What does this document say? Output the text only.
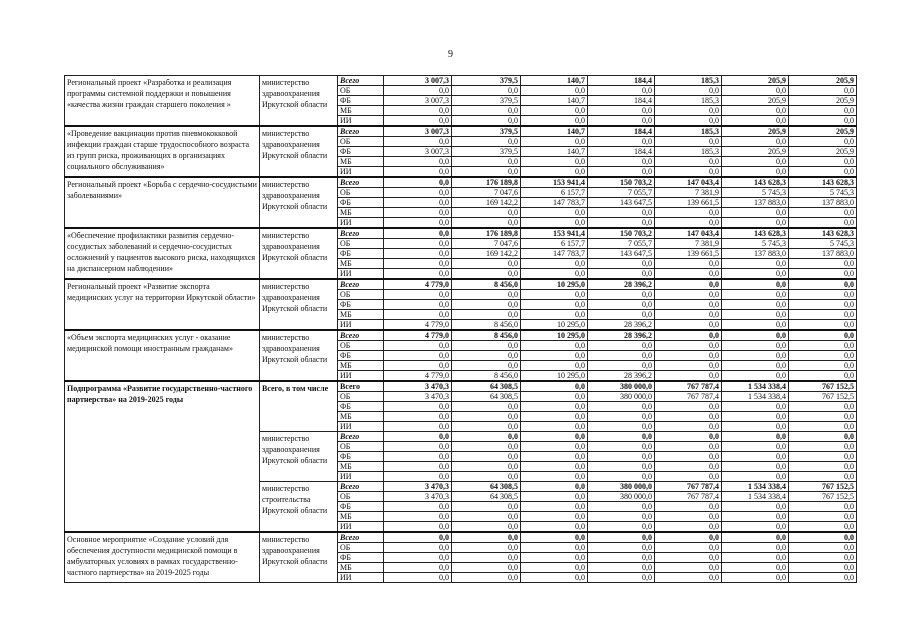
9
Региональный проект «Разработка и реализация программы системной поддержки и повышения «качества жизни граждан старшего поколения »	министерство здравоохранения Иркутской области	Всего	3 007,3	379,5	140,7	184,4	185,3	205,9	205,9
		ОБ	0,0	0,0	0,0	0,0	0,0	0,0	0,0
		ФБ	3 007,3	379,5	140,7	184,4	185,3	205,9	205,9
		МБ	0,0	0,0	0,0	0,0	0,0	0,0	0,0
		ИИ	0,0	0,0	0,0	0,0	0,0	0,0	0,0
«Проведение вакцинации против пневмококковой инфекции граждан старше трудоспособного возраста из групп риска, проживающих в организациях социального обслуживания»	министерство здравоохранения Иркутской области	Всего	3 007,3	379,5	140,7	184,4	185,3	205,9	205,9
		ОБ	0,0	0,0	0,0	0,0	0,0	0,0	0,0
		ФБ	3 007,3	379,5	140,7	184,4	185,3	205,9	205,9
		МБ	0,0	0,0	0,0	0,0	0,0	0,0	0,0
		ИИ	0,0	0,0	0,0	0,0	0,0	0,0	0,0
Региональный проект «Борьба с сердечно-сосудистыми заболеваниями»	министерство здравоохранения Иркутской области	Всего	0,0	176 189,8	153 941,4	150 703,2	147 043,4	143 628,3	143 628,3
		ОБ	0,0	7 047,6	6 157,7	7 055,7	7 381,9	5 745,3	5 745,3
		ФБ	0,0	169 142,2	147 783,7	143 647,5	139 661,5	137 883,0	137 883,0
		МБ	0,0	0,0	0,0	0,0	0,0	0,0	0,0
		ИИ	0,0	0,0	0,0	0,0	0,0	0,0	0,0
«Обеспечение профилактики развития сердечно-сосудистых заболеваний и сердечно-сосудистых осложнений у пациентов высокого риска, находящихся на диспансерном наблюдении»	министерство здравоохранения Иркутской области	Всего	0,0	176 189,8	153 941,4	150 703,2	147 043,4	143 628,3	143 628,3
		ОБ	0,0	7 047,6	6 157,7	7 055,7	7 381,9	5 745,3	5 745,3
		ФБ	0,0	169 142,2	147 783,7	143 647,5	139 661,5	137 883,0	137 883,0
		МБ	0,0	0,0	0,0	0,0	0,0	0,0	0,0
		ИИ	0,0	0,0	0,0	0,0	0,0	0,0	0,0
Региональный проект «Развитие экспорта медицинских услуг на территории Иркутской области»	министерство здравоохранения Иркутской области	Всего	4 779,0	8 456,0	10 295,0	28 396,2	0,0	0,0	0,0
		ОБ	0,0	0,0	0,0	0,0	0,0	0,0	0,0
		ФБ	0,0	0,0	0,0	0,0	0,0	0,0	0,0
		МБ	0,0	0,0	0,0	0,0	0,0	0,0	0,0
		ИИ	4 779,0	8 456,0	10 295,0	28 396,2	0,0	0,0	0,0
«Объем экспорта медицинских услуг - оказание медицинской помощи иностранным гражданам»	министерство здравоохранения Иркутской области	Всего	4 779,0	8 456,0	10 295,0	28 396,2	0,0	0,0	0,0
		ОБ	0,0	0,0	0,0	0,0	0,0	0,0	0,0
		ФБ	0,0	0,0	0,0	0,0	0,0	0,0	0,0
		МБ	0,0	0,0	0,0	0,0	0,0	0,0	0,0
		ИИ	4 779,0	8 456,0	10 295,0	28 396,2	0,0	0,0	0,0
Подпрограмма «Развитие государственно-частного партнерства» на 2019-2025 годы	Всего, в том числе	Всего	3 470,3	64 308,5	0,0	380 000,0	767 787,4	1 534 338,4	767 152,5
		ОБ	3 470,3	64 308,5	0,0	380 000,0	767 787,4	1 534 338,4	767 152,5
		ФБ	0,0	0,0	0,0	0,0	0,0	0,0	0,0
		МБ	0,0	0,0	0,0	0,0	0,0	0,0	0,0
		ИИ	0,0	0,0	0,0	0,0	0,0	0,0	0,0
	министерство здравоохранения Иркутской области	Всего	0,0	0,0	0,0	0,0	0,0	0,0	0,0
		ОБ	0,0	0,0	0,0	0,0	0,0	0,0	0,0
		ФБ	0,0	0,0	0,0	0,0	0,0	0,0	0,0
		МБ	0,0	0,0	0,0	0,0	0,0	0,0	0,0
		ИИ	0,0	0,0	0,0	0,0	0,0	0,0	0,0
	министерство строительства Иркутской области	Всего	3 470,3	64 308,5	0,0	380 000,0	767 787,4	1 534 338,4	767 152,5
		ОБ	3 470,3	64 308,5	0,0	380 000,0	767 787,4	1 534 338,4	767 152,5
		ФБ	0,0	0,0	0,0	0,0	0,0	0,0	0,0
		МБ	0,0	0,0	0,0	0,0	0,0	0,0	0,0
		ИИ	0,0	0,0	0,0	0,0	0,0	0,0	0,0
Основное мероприятие «Создание условий для обеспечения доступности медицинской помощи в амбулаторных условиях в рамках государственно-частного партнерства» на 2019-2025 годы	министерство здравоохранения Иркутской области	Всего	0,0	0,0	0,0	0,0	0,0	0,0	0,0
		ОБ	0,0	0,0	0,0	0,0	0,0	0,0	0,0
		ФБ	0,0	0,0	0,0	0,0	0,0	0,0	0,0
		МБ	0,0	0,0	0,0	0,0	0,0	0,0	0,0
		ИИ	0,0	0,0	0,0	0,0	0,0	0,0	0,0
